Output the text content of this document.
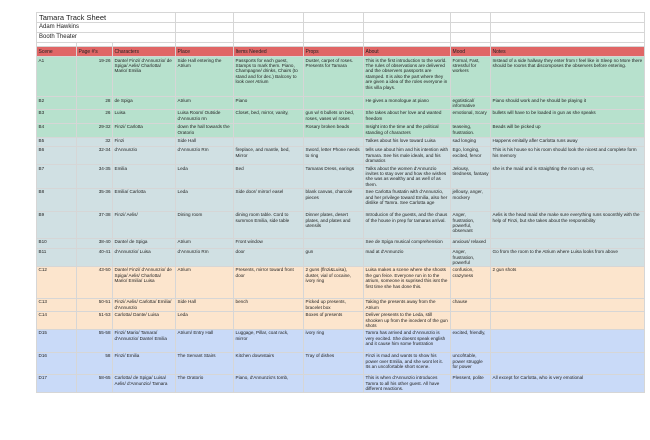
Tamara Track Sheet								
Adam Hawkins								
Booth Theater								

Scene	Page #'s	Characters	Place	Items Needed	Props	About	Mood	Notes
A1	19-26	Dante/ Finzi/ d'Annunzio/ de Spiga/ Aelis/ Charlotta/ Mario/ Emilia	Side Hall entering the Atrium	Passports for each guest, Stamps to mark them. Piano, Champagne/ drinks, Chairs (to stand and for dec.) Balcony to look over Atrium	Duster, carpet of roses. Presents for Tamara	This is the first introduction to the world. The rules of observations are delivered and the observers passports are stamped. It is also the part where they are given a idea of the roles everyone in this villa plays.	Formal, Fast, stressful for workers	Instead of a side hallway they enter from I feel like in Sleep no More there should be rooms that discomposes the observers before entering.
B2	28	de Spiga	Atrium	Piano		He gives a monologue at piano	egotistical/ informative	Piano should work and he should be playing it
B3	26	Luisa	Luisa Room/ Outside d'Annunzio rm	Closet, bed, mirror, vanity,	gun w/ 6 bullets on bed, roses, vases w/ roses	She takes about her love and wanted freedom	emotional, Scary	bullets will have to be loaded in gun as she speaks
B4	29-32	Finzi/ Carlotta	down the hall towards the Oratorio		Rosary broken beads	Insight into the time and the political standing of characters	teaseing, frustration.	Beads will be picked up
B5	32	Finzi	Side Hall			Talkes about his love toward Luisa	sad longing	Happens emitally afler Carlotta runs away
B6	32-34	d'Annunzio	d'Annunzio Rm	fireplace, and mantle, bed, Mirror	Sword, letter Phone needs to ring	tells use about him and his intention with Tamara. See his male ideals, and his dramatics	Ego, longing, excited, fervor	This is his house so his room should look the nicest and complete form his memory
B7	34-35	Emilia	Leda	Bed	Tamaras Dress, earings	Talks about the women d'Annunzio invites to stay over and how she wishes she was as wealthy and as well of as them.	Jelousy, tiredness, fantasy	she is the maid and is straighting the room up ect,
B8	35-36	Emilia/ Carlotta	Leda	Side door/ mirror/ easel	blank canvas, charcole pieces	See Carlotta frustatin with d'Annunzio, and her privilege toward Emilia, also her dislike of Tamra. See Carlotta age	jellousy, anger, mockery	
B9	37-38	Finzi/ Aelis/	Dining room	dining room table. Cord to summon Emilia, side table	Dinner plates, desert plates, and plates and utensils	Introducion of the guests, and the chaus of the house in prep for tamaras arrival.	Anger, frustration, powerful, observant	Aelis is the head maid she make sure everything runs sooonthly with the help of Finzi, but she takes about the responsibility
B10	38-40	Dante/ de Spiga	Atrium	Front window		See de Spiga musical comprehension	anxious/ relaxed	
B11	40-41	d'Annunzio/ Luisa	d'Annunzio Rm	door	gun	mad at d'Annunzio	Anger, frustration, powerful	Go from the room to the Atrium where Luisa looks from above
C12	43-50	Dante/ Finzi/ d'Annunzio/ de Spiga/ Aelis/ Charlotta/ Mario/ Emilia/ Luisa	Atrium	Presents, mirror toward front door	2 guns (flnzi&Luisa), duster, vial of cocaine, ivory ring	Luisa makes a scene where she shoots the gun feice. Everyone run in to the atrium, someone is suprised this isnt the first time she has done this.	confusion, crazyness	2 gun shots
C13	50-51	Finzi/ Aelis/ Carlotta/ Emilia/ d'Annunzio	Side Hall	bench	Picked up presents, bracelet box	Taking the presents away from the Atrium	chause	
C14	51-53	Carlotta/ Dante/ Luisa	Leda		Boxes of presents	Deliver presents to the Leda, still shooken up from the incedent of the gun shots		
D15	55-58	Finzi/ Mario/ Tamara/ d'Annunzio/ Dante/ Emilia	Atrium/ Entry Hall	Luggage, Pillar, coat rack, mirror	ivory ring	Tamra has arrived and d'Annunzio is very excited. She doesnt speak english and it cause him some frustration	excited, friendly,	
D16	58	Finzi/ Emilia	The Servant Stairs	Kitchen downstairs	Tray of dishes	Finzi is mad and wants to show his power over Emilia, and she wont let it. Its an uncofortable short scene.	uncofrtable, power struggle for power	
D17	58-65	Carlotta/ de Spiga/ Luisa/ Aelis/ d'Annunzio/ Tamara	The Oratorio	Piano, d'Annunzio's tomb,		This is when d'Annunzio introduces Tamra to all his other guest. All have different reactions.	Plessent, polite	All except for Carlotta, who is very emotional
